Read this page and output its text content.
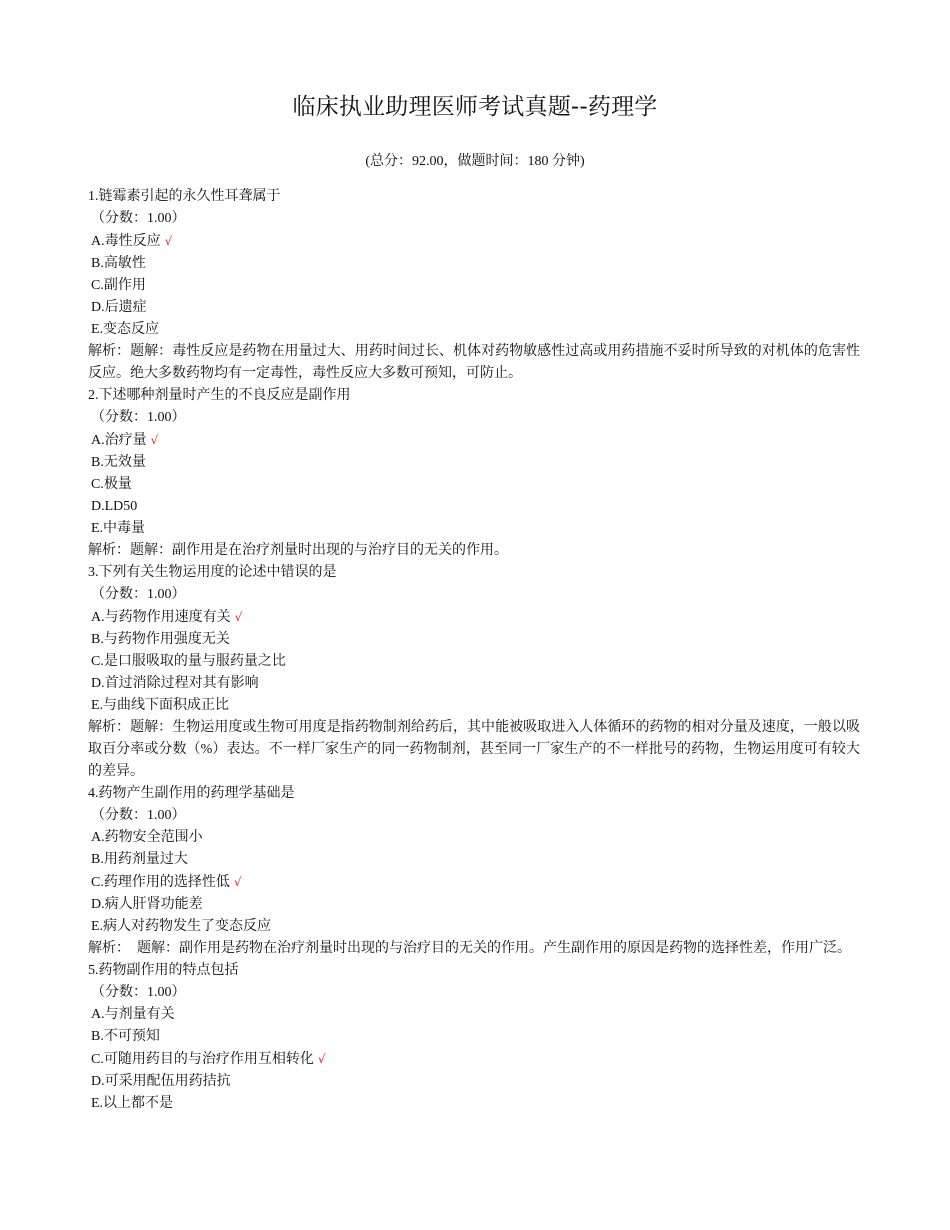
临床执业助理医师考试真题--药理学
(总分：92.00，做题时间：180 分钟)
1.链霉素引起的永久性耳聋属于
（分数：1.00）
A.毒性反应 √
B.高敏性
C.副作用
D.后遗症
E.变态反应
解析：题解：毒性反应是药物在用量过大、用药时间过长、机体对药物敏感性过高或用药措施不妥时所导致的对机体的危害性反应。绝大多数药物均有一定毒性，毒性反应大多数可预知，可防止。
2.下述哪种剂量时产生的不良反应是副作用
（分数：1.00）
A.治疗量 √
B.无效量
C.极量
D.LD50
E.中毒量
解析：题解：副作用是在治疗剂量时出现的与治疗目的无关的作用。
3.下列有关生物运用度的论述中错误的是
（分数：1.00）
A.与药物作用速度有关 √
B.与药物作用强度无关
C.是口服吸取的量与服药量之比
D.首过消除过程对其有影响
E.与曲线下面积成正比
解析：题解：生物运用度或生物可用度是指药物制剂给药后，其中能被吸取进入人体循环的药物的相对分量及速度，一般以吸取百分率或分数（%）表达。不一样厂家生产的同一药物制剂，甚至同一厂家生产的不一样批号的药物，生物运用度可有较大的差异。
4.药物产生副作用的药理学基础是
（分数：1.00）
A.药物安全范围小
B.用药剂量过大
C.药理作用的选择性低 √
D.病人肝肾功能差
E.病人对药物发生了变态反应
解析：　题解：副作用是药物在治疗剂量时出现的与治疗目的无关的作用。产生副作用的原因是药物的选择性差，作用广泛。
5.药物副作用的特点包括
（分数：1.00）
A.与剂量有关
B.不可预知
C.可随用药目的与治疗作用互相转化 √
D.可采用配伍用药拮抗
E.以上都不是
